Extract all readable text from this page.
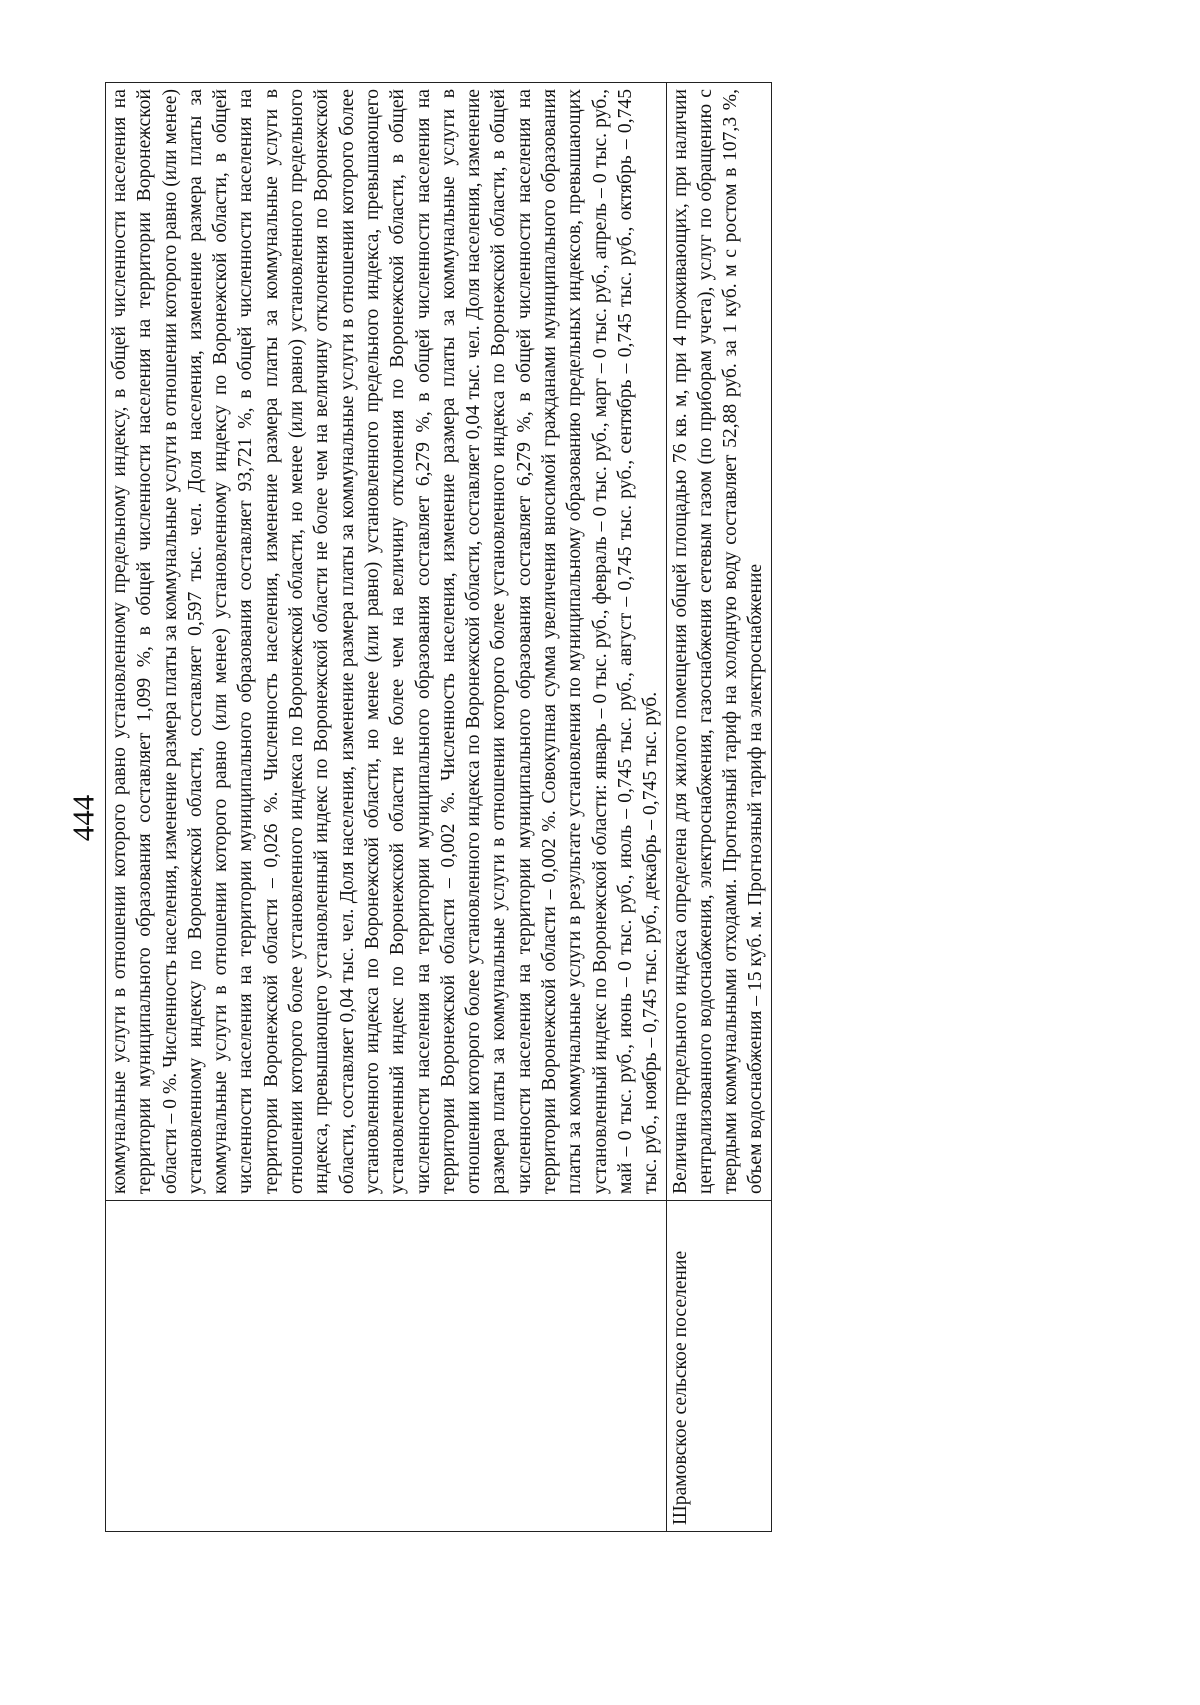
444
	коммунальные услуги в отношении которого равно установленному предельному индексу, в общей численности населения на территории муниципального образования составляет 1,099 %, в общей численности населения на территории Воронежской области – 0 %. Численность населения, изменение размера платы за коммунальные услуги в отношении которого равно (или менее) установленному индексу по Воронежской области, составляет 0,597 тыс. чел. Доля населения, изменение размера платы за коммунальные услуги в отношении которого равно (или менее) установленному индексу по Воронежской области, в общей численности населения на территории муниципального образования составляет 93,721 %, в общей численности населения на территории Воронежской области – 0,026 %. Численность населения, изменение размера платы за коммунальные услуги в отношении которого более установленного индекса по Воронежской области, но менее (или равно) установленного предельного индекса, превышающего установленный индекс по Воронежской области не более чем на величину отклонения по Воронежской области, составляет 0,04 тыс. чел. Доля населения, изменение размера платы за коммунальные услуги в отношении которого более установленного индекса по Воронежской области, но менее (или равно) установленного предельного индекса, превышающего установленный индекс по Воронежской области не более чем на величину отклонения по Воронежской области, в общей численности населения на территории муниципального образования составляет 6,279 %, в общей численности населения на территории Воронежской области – 0,002 %. Численность населения, изменение размера платы за коммунальные услуги в отношении которого более установленного индекса по Воронежской области, составляет 0,04 тыс. чел. Доля населения, изменение размера платы за коммунальные услуги в отношении которого более установленного индекса по Воронежской области, в общей численности населения на территории муниципального образования составляет 6,279 %, в общей численности населения на территории Воронежской области – 0,002 %. Совокупная сумма увеличения вносимой гражданами муниципального образования платы за коммунальные услуги в результате установления по муниципальному образованию предельных индексов, превышающих установленный индекс по Воронежской области: январь – 0 тыс. руб., февраль – 0 тыс. руб., март – 0 тыс. руб., апрель – 0 тыс. руб., май – 0 тыс. руб., июнь – 0 тыс. руб., июль – 0,745 тыс. руб., август – 0,745 тыс. руб., сентябрь – 0,745 тыс. руб., октябрь – 0,745 тыс. руб., ноябрь – 0,745 тыс. руб., декабрь – 0,745 тыс. руб.
Шрамовское сельское поселение	Величина предельного индекса определена для жилого помещения общей площадью 76 кв. м, при 4 проживающих, при наличии централизованного водоснабжения, электроснабжения, газоснабжения сетевым газом (по приборам учета), услуг по обращению с твердыми коммунальными отходами. Прогнозный тариф на холодную воду составляет 52,88 руб. за 1 куб. м с ростом в 107,3 %, объем водоснабжения – 15 куб. м. Прогнозный тариф на электроснабжение
